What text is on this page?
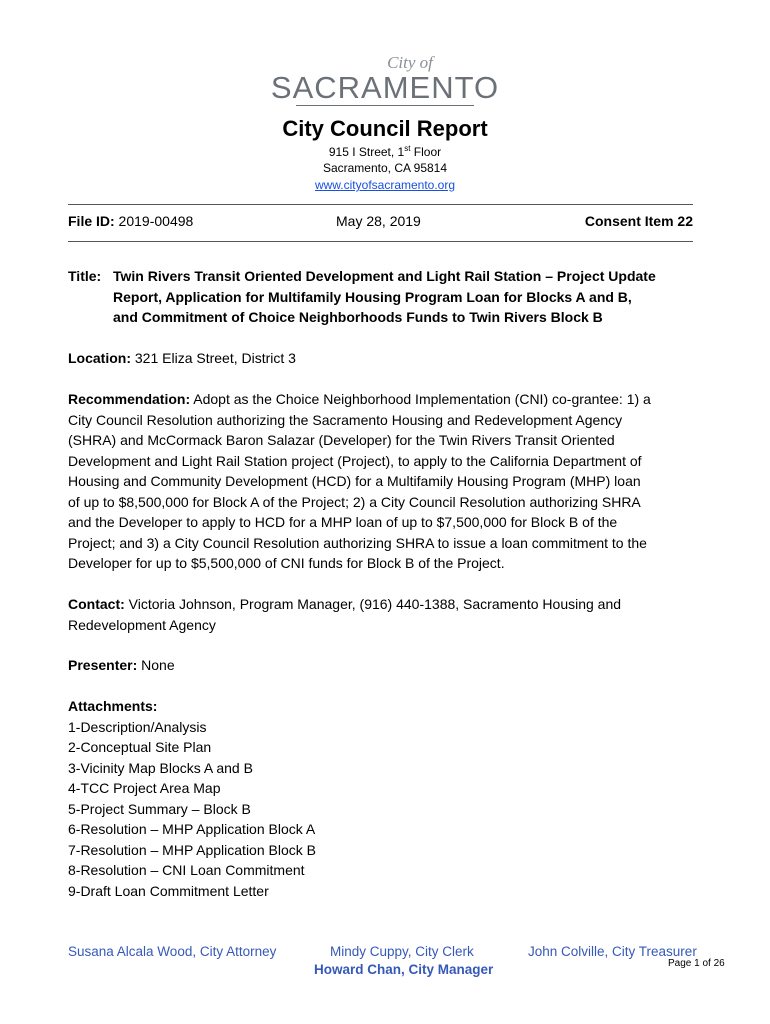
City of
SACRAMENTO
City Council Report
915 I Street, 1st Floor
Sacramento, CA 95814
www.cityofsacramento.org
File ID: 2019-00498	May 28, 2019	Consent Item 22
Title: Twin Rivers Transit Oriented Development and Light Rail Station – Project Update
Report, Application for Multifamily Housing Program Loan for Blocks A and B,
and Commitment of Choice Neighborhoods Funds to Twin Rivers Block B
Location: 321 Eliza Street, District 3
Recommendation: Adopt as the Choice Neighborhood Implementation (CNI) co-grantee: 1) a
City Council Resolution authorizing the Sacramento Housing and Redevelopment Agency
(SHRA) and McCormack Baron Salazar (Developer) for the Twin Rivers Transit Oriented
Development and Light Rail Station project (Project), to apply to the California Department of
Housing and Community Development (HCD) for a Multifamily Housing Program (MHP) loan
of up to $8,500,000 for Block A of the Project; 2) a City Council Resolution authorizing SHRA
and the Developer to apply to HCD for a MHP loan of up to $7,500,000 for Block B of the
Project; and 3) a City Council Resolution authorizing SHRA to issue a loan commitment to the
Developer for up to $5,500,000 of CNI funds for Block B of the Project.
Contact: Victoria Johnson, Program Manager, (916) 440-1388, Sacramento Housing and
Redevelopment Agency
Presenter: None
Attachments:
1-Description/Analysis
2-Conceptual Site Plan
3-Vicinity Map Blocks A and B
4-TCC Project Area Map
5-Project Summary – Block B
6-Resolution – MHP Application Block A
7-Resolution – MHP Application Block B
8-Resolution – CNI Loan Commitment
9-Draft Loan Commitment Letter
Susana Alcala Wood, City Attorney	Mindy Cuppy, City Clerk	John Colville, City Treasurer
Howard Chan, City Manager	Page 1 of 26
